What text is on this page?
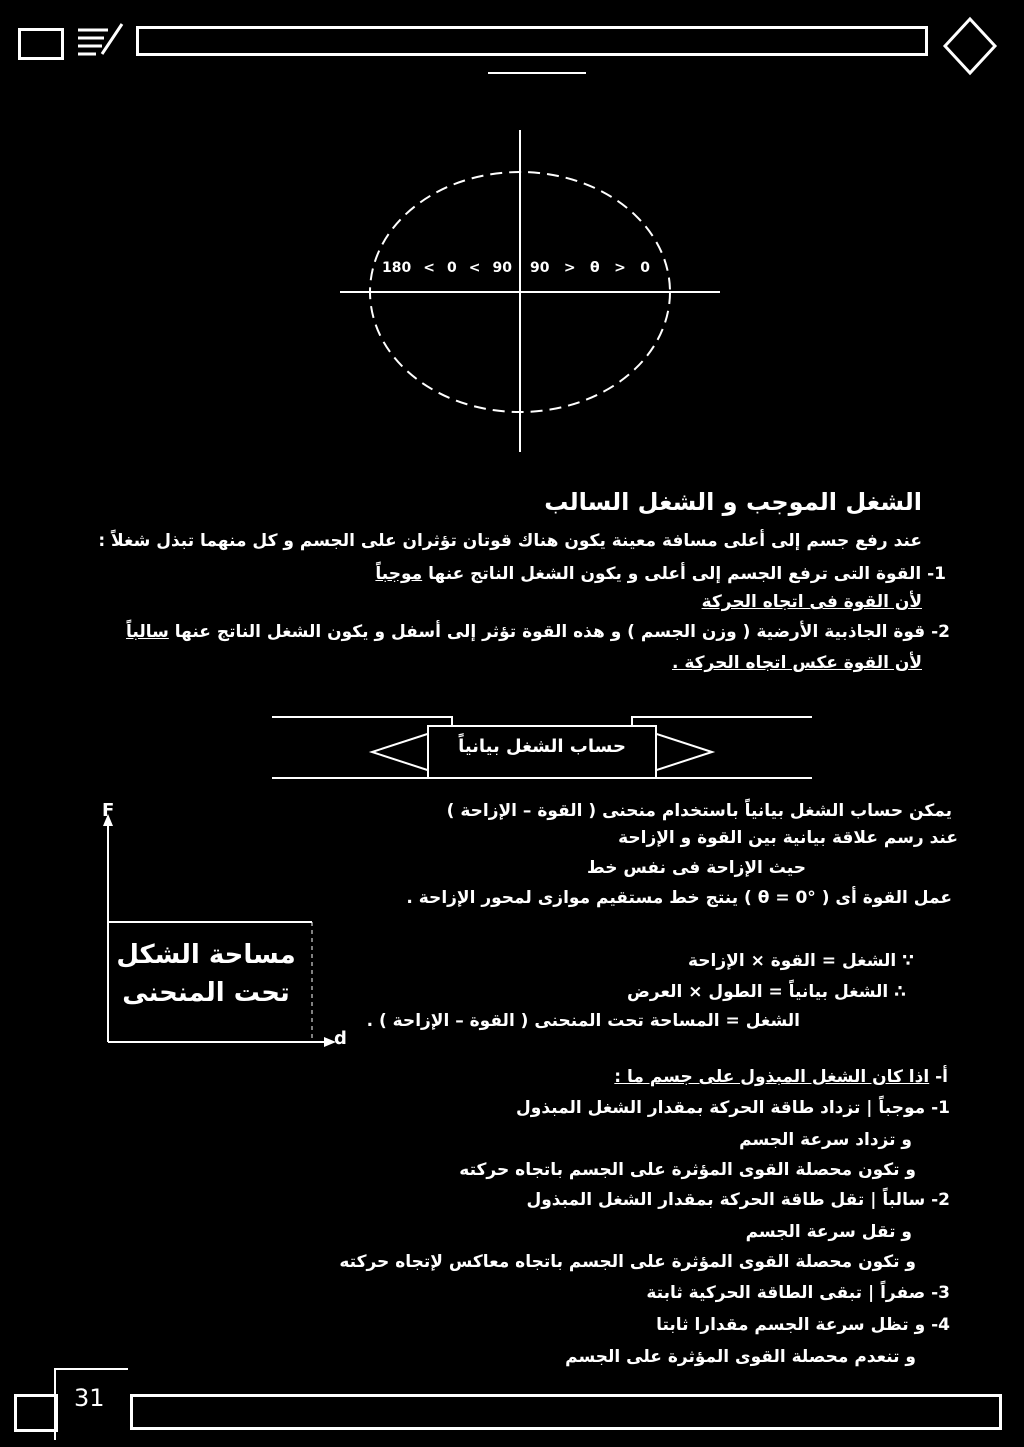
180 < 0 < 90 90 > θ > 0
الشغل الموجب و الشغل السالب
عند رفع جسم إلى أعلى مسافة معينة يكون هناك قوتان تؤثران على الجسم و كل منهما تبذل شغلاً :
1- القوة التى ترفع الجسم إلى أعلى و يكون الشغل الناتج عنها موجباً
لأن القوة فى اتجاه الحركة
2- قوة الجاذبية الأرضية ( وزن الجسم ) و هذه القوة تؤثر إلى أسفل و يكون الشغل الناتج عنها سالباً
لأن القوة عكس اتجاه الحركة .
حساب الشغل بيانياً
F
d
مساحة الشكل
تحت المنحنى
يمكن حساب الشغل بيانياً باستخدام منحنى ( القوة – الإزاحة )
عند رسم علاقة بيانية بين القوة و الإزاحة
حيث الإزاحة فى نفس خط
عمل القوة أى ( θ = 0° ) ينتج خط مستقيم موازى لمحور الإزاحة .
∵ الشغل = القوة × الإزاحة
∴ الشغل بيانياً = الطول × العرض
الشغل = المساحة تحت المنحنى ( القوة – الإزاحة ) .
أ- اذا كان الشغل المبذول على جسم ما :
1- موجباً | تزداد طاقة الحركة بمقدار الشغل المبذول
و تزداد سرعة الجسم
و تكون محصلة القوى المؤثرة على الجسم باتجاه حركته
2- سالباً | تقل طاقة الحركة بمقدار الشغل المبذول
و تقل سرعة الجسم
و تكون محصلة القوى المؤثرة على الجسم باتجاه معاكس لإتجاه حركته
3- صفراً | تبقى الطاقة الحركية ثابتة
4- و تظل سرعة الجسم مقدارا ثابتا
و تنعدم محصلة القوى المؤثرة على الجسم
31
